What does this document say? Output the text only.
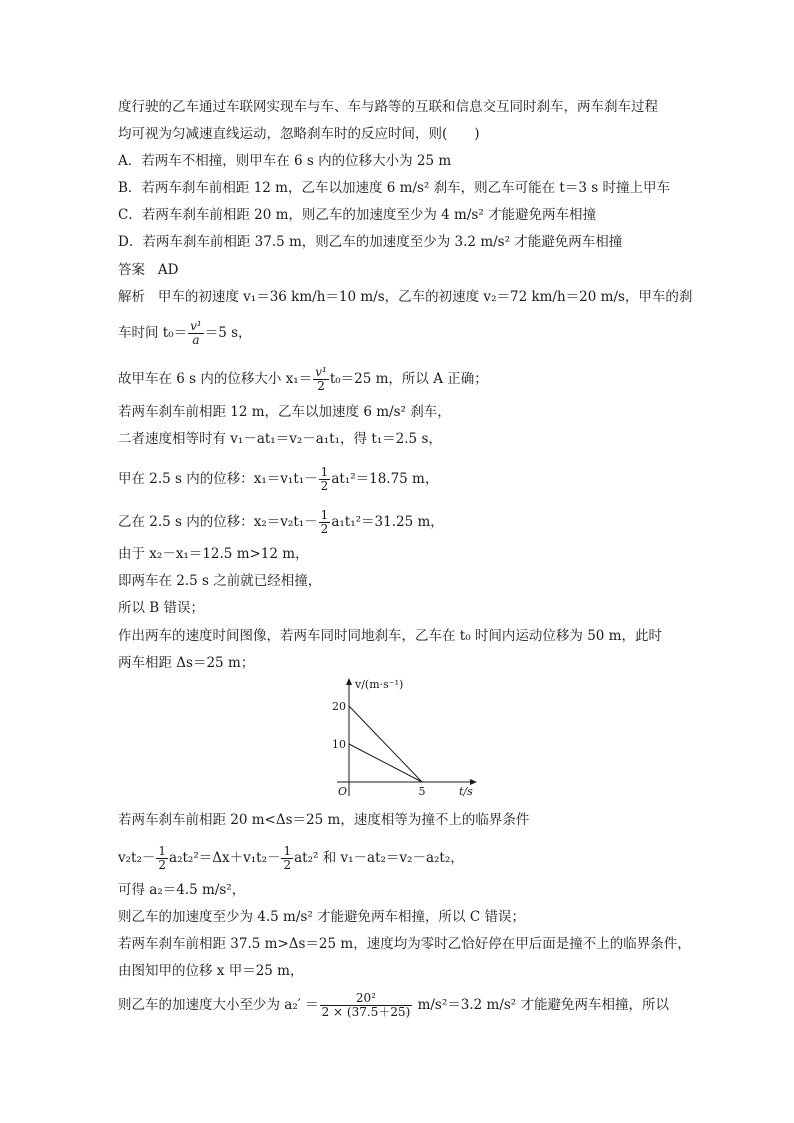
度行驶的乙车通过车联网实现车与车、车与路等的互联和信息交互同时刹车，两车刹车过程
均可视为匀减速直线运动，忽略刹车时的反应时间，则(　　)
A．若两车不相撞，则甲车在 6 s 内的位移大小为 25 m
B．若两车刹车前相距 12 m，乙车以加速度 6 m/s² 刹车，则乙车可能在 t＝3 s 时撞上甲车
C．若两车刹车前相距 20 m，则乙车的加速度至少为 4 m/s² 才能避免两车相撞
D．若两车刹车前相距 37.5 m，则乙车的加速度至少为 3.2 m/s² 才能避免两车相撞
答案 AD
解析 甲车的初速度 v₁＝36 km/h＝10 m/s，乙车的初速度 v₂＝72 km/h＝20 m/s，甲车的刹
车时间 $t_0= \frac{\text{v¹}}{a} =5$ s，
故甲车在 6 s 内的位移大小 $x_1= \frac{\text{v¹}}{2} t_0=25$ m，所以 A 正确；
若两车刹车前相距 12 m，乙车以加速度 6 m/s² 刹车，
二者速度相等时有 v₁－at₁＝v₂－a₁t₁，得 t₁＝2.5 s，
甲在 2.5 s 内的位移：$x_1=v_1t_1- \frac{1}{2} at_1^2=18.75$ m，
乙在 2.5 s 内的位移：$x_2=v_2t_1- \frac{1}{2} a_1t_1^2=31.25$ m，
由于 x₂－x₁＝12.5 m>12 m，
即两车在 2.5 s 之前就已经相撞，
所以 B 错误；
作出两车的速度时间图像，若两车同时同地刹车，乙车在 t₀ 时间内运动位移为 50 m，此时
两车相距 Δs＝25 m；
v/(m·s⁻¹)
t/s
O
10
20
5
若两车刹车前相距 20 m<Δs＝25 m，速度相等为撞不上的临界条件
$v_2t_2- \frac{1}{2} a_2t_2^2=\Delta x+v_1t_2- \frac{1}{2} at_2^2$ 和 v₁－at₂＝v₂－a₂t₂，
可得 a₂＝4.5 m/s²，
则乙车的加速度至少为 4.5 m/s² 才能避免两车相撞，所以 C 错误；
若两车刹车前相距 37.5 m>Δs＝25 m，速度均为零时乙恰好停在甲后面是撞不上的临界条件，
由图知甲的位移 x 甲＝25 m，
则乙车的加速度大小至少为 $a_2' = \frac{\text{20²}}{2 \times (37.5+25)} m/s^2=3.2$ m/s² 才能避免两车相撞，所以
